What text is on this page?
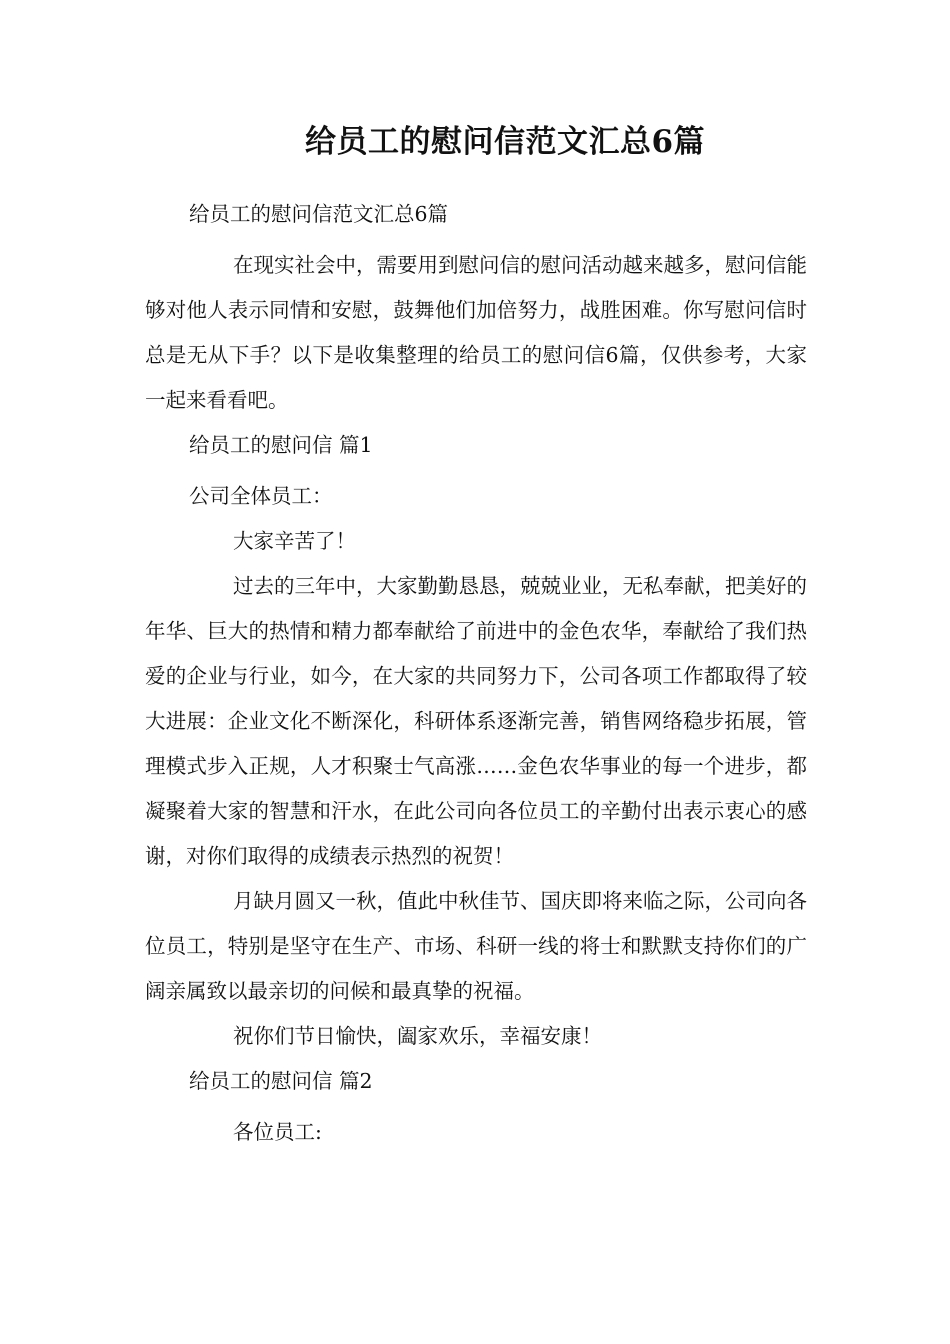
给员工的慰问信范文汇总6篇

给员工的慰问信范文汇总6篇

在现实社会中，需要用到慰问信的慰问活动越来越多，慰问信能够对他人表示同情和安慰，鼓舞他们加倍努力，战胜困难。你写慰问信时总是无从下手？以下是收集整理的给员工的慰问信6篇，仅供参考，大家一起来看看吧。

给员工的慰问信 篇1

公司全体员工：

大家辛苦了！

过去的三年中，大家勤勤恳恳，兢兢业业，无私奉献，把美好的年华、巨大的热情和精力都奉献给了前进中的金色农华，奉献给了我们热爱的企业与行业，如今，在大家的共同努力下，公司各项工作都取得了较大进展：企业文化不断深化，科研体系逐渐完善，销售网络稳步拓展，管理模式步入正规，人才积聚士气高涨……金色农华事业的每一个进步，都凝聚着大家的智慧和汗水，在此公司向各位员工的辛勤付出表示衷心的感谢，对你们取得的成绩表示热烈的祝贺！

月缺月圆又一秋，值此中秋佳节、国庆即将来临之际，公司向各位员工，特别是坚守在生产、市场、科研一线的将士和默默支持你们的广阔亲属致以最亲切的问候和最真挚的祝福。

祝你们节日愉快，阖家欢乐，幸福安康！

给员工的慰问信 篇2

各位员工:
